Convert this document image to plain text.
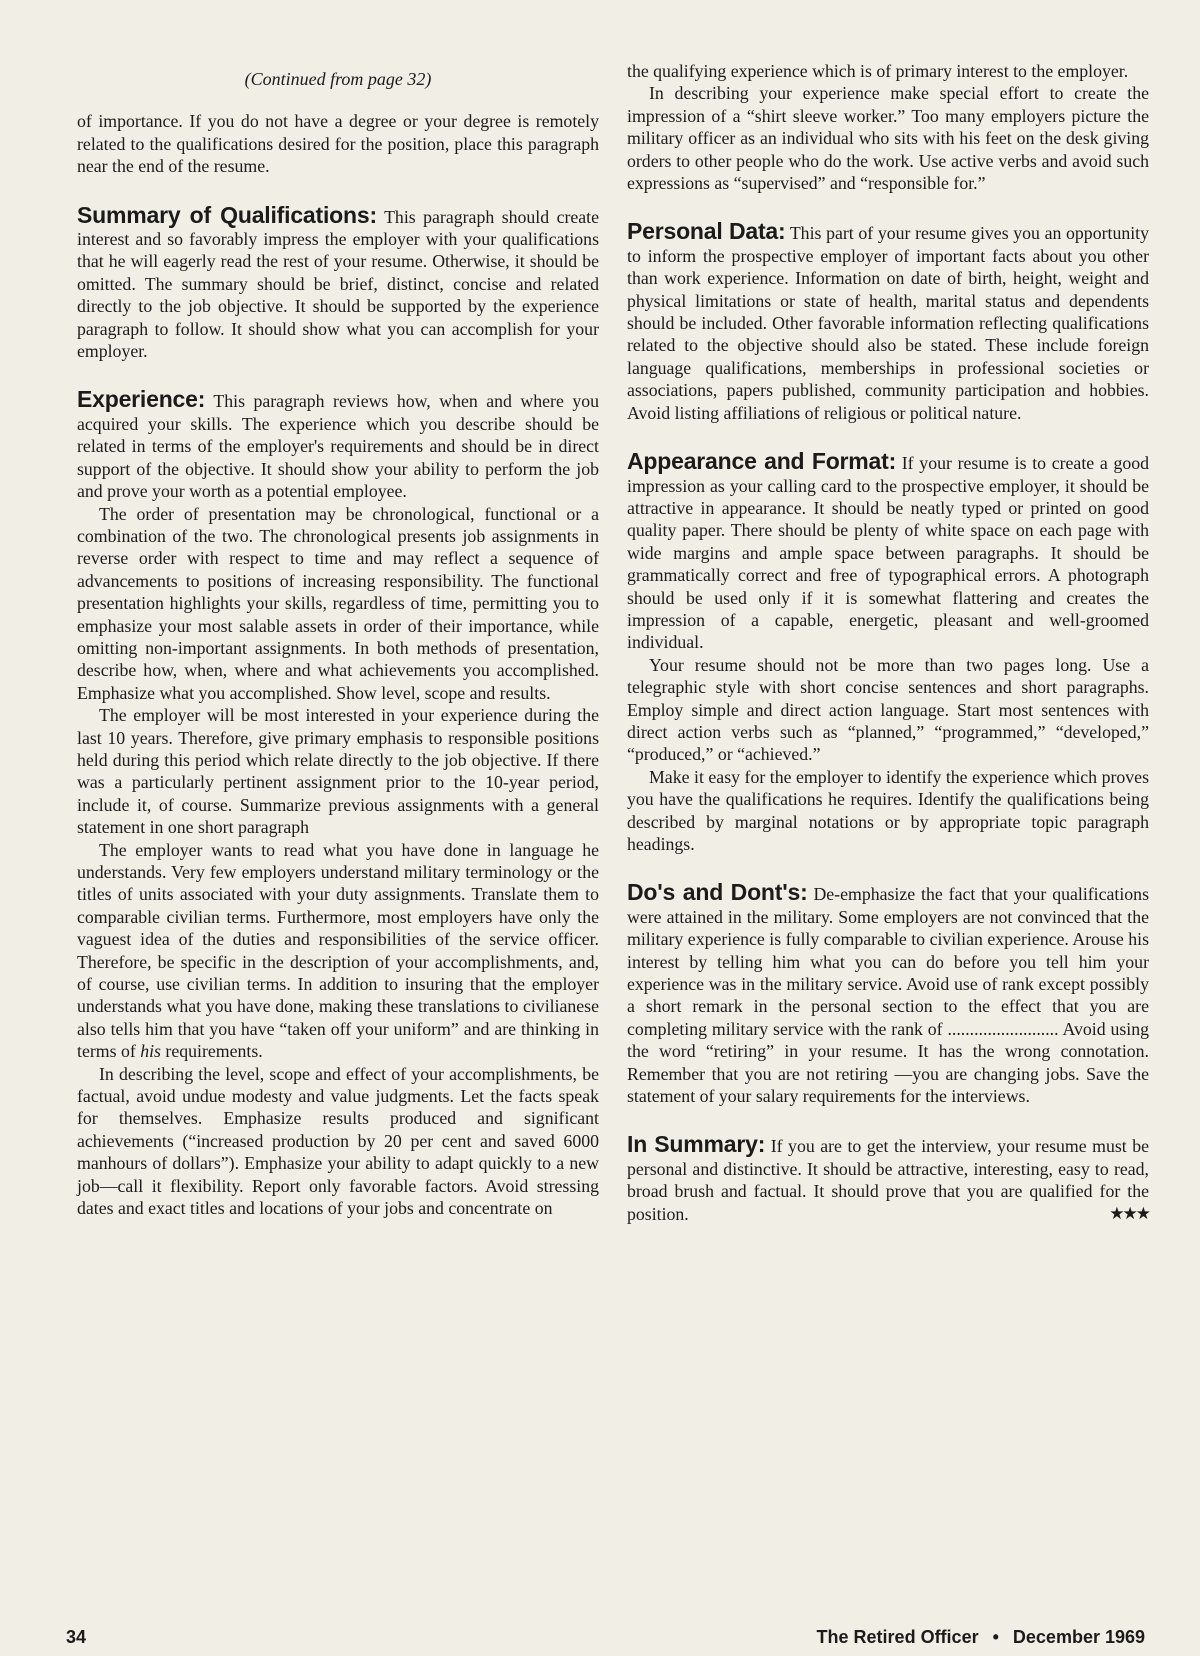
(Continued from page 32)

of importance. If you do not have a degree or your degree is remotely related to the qualifications desired for the position, place this paragraph near the end of the resume.

Summary of Qualifications: This paragraph should create interest and so favorably impress the employer with your qualifications that he will eagerly read the rest of your resume. Otherwise, it should be omitted. The summary should be brief, distinct, concise and related directly to the job objective. It should be supported by the experience paragraph to follow. It should show what you can accomplish for your employer.

Experience: This paragraph reviews how, when and where you acquired your skills. The experience which you describe should be related in terms of the employer's requirements and should be in direct support of the objective. It should show your ability to perform the job and prove your worth as a potential employee.

The order of presentation may be chronological, functional or a combination of the two. The chronological presents job assignments in reverse order with respect to time and may reflect a sequence of advancements to positions of increasing responsibility. The functional presentation highlights your skills, regardless of time, permitting you to emphasize your most salable assets in order of their importance, while omitting non-important assignments. In both methods of presentation, describe how, when, where and what achievements you accomplished. Emphasize what you accomplished. Show level, scope and results.

The employer will be most interested in your experience during the last 10 years. Therefore, give primary emphasis to responsible positions held during this period which relate directly to the job objective. If there was a particularly pertinent assignment prior to the 10-year period, include it, of course. Summarize previous assignments with a general statement in one short paragraph

The employer wants to read what you have done in language he understands. Very few employers understand military terminology or the titles of units associated with your duty assignments. Translate them to comparable civilian terms. Furthermore, most employers have only the vaguest idea of the duties and responsibilities of the service officer. Therefore, be specific in the description of your accomplishments, and, of course, use civilian terms. In addition to insuring that the employer understands what you have done, making these translations to civilianese also tells him that you have “taken off your uniform” and are thinking in terms of his requirements.

In describing the level, scope and effect of your accomplishments, be factual, avoid undue modesty and value judgments. Let the facts speak for themselves. Emphasize results produced and significant achievements (“increased production by 20 per cent and saved 6000 manhours of dollars”). Emphasize your ability to adapt quickly to a new job—call it flexibility. Report only favorable factors. Avoid stressing dates and exact titles and locations of your jobs and concentrate on

the qualifying experience which is of primary interest to the employer.

In describing your experience make special effort to create the impression of a “shirt sleeve worker.” Too many employers picture the military officer as an individual who sits with his feet on the desk giving orders to other people who do the work. Use active verbs and avoid such expressions as “supervised” and “responsible for.”

Personal Data: This part of your resume gives you an opportunity to inform the prospective employer of important facts about you other than work experience. Information on date of birth, height, weight and physical limitations or state of health, marital status and dependents should be included. Other favorable information reflecting qualifications related to the objective should also be stated. These include foreign language qualifications, memberships in professional societies or associations, papers published, community participation and hobbies. Avoid listing affiliations of religious or political nature.

Appearance and Format: If your resume is to create a good impression as your calling card to the prospective employer, it should be attractive in appearance. It should be neatly typed or printed on good quality paper. There should be plenty of white space on each page with wide margins and ample space between paragraphs. It should be grammatically correct and free of typographical errors. A photograph should be used only if it is somewhat flattering and creates the impression of a capable, energetic, pleasant and well-groomed individual.

Your resume should not be more than two pages long. Use a telegraphic style with short concise sentences and short paragraphs. Employ simple and direct action language. Start most sentences with direct action verbs such as “planned,” “programmed,” “developed,” “produced,” or “achieved.”

Make it easy for the employer to identify the experience which proves you have the qualifications he requires. Identify the qualifications being described by marginal notations or by appropriate topic paragraph headings.

Do's and Dont's: De-emphasize the fact that your qualifications were attained in the military. Some employers are not convinced that the military experience is fully comparable to civilian experience. Arouse his interest by telling him what you can do before you tell him your experience was in the military service. Avoid use of rank except possibly a short remark in the personal section to the effect that you are completing military service with the rank of ......................... Avoid using the word “retiring” in your resume. It has the wrong connotation. Remember that you are not retiring —you are changing jobs. Save the statement of your salary requirements for the interviews.

In Summary: If you are to get the interview, your resume must be personal and distinctive. It should be attractive, interesting, easy to read, broad brush and factual. It should prove that you are qualified for the position.	★★★

34	The Retired Officer • December 1969
